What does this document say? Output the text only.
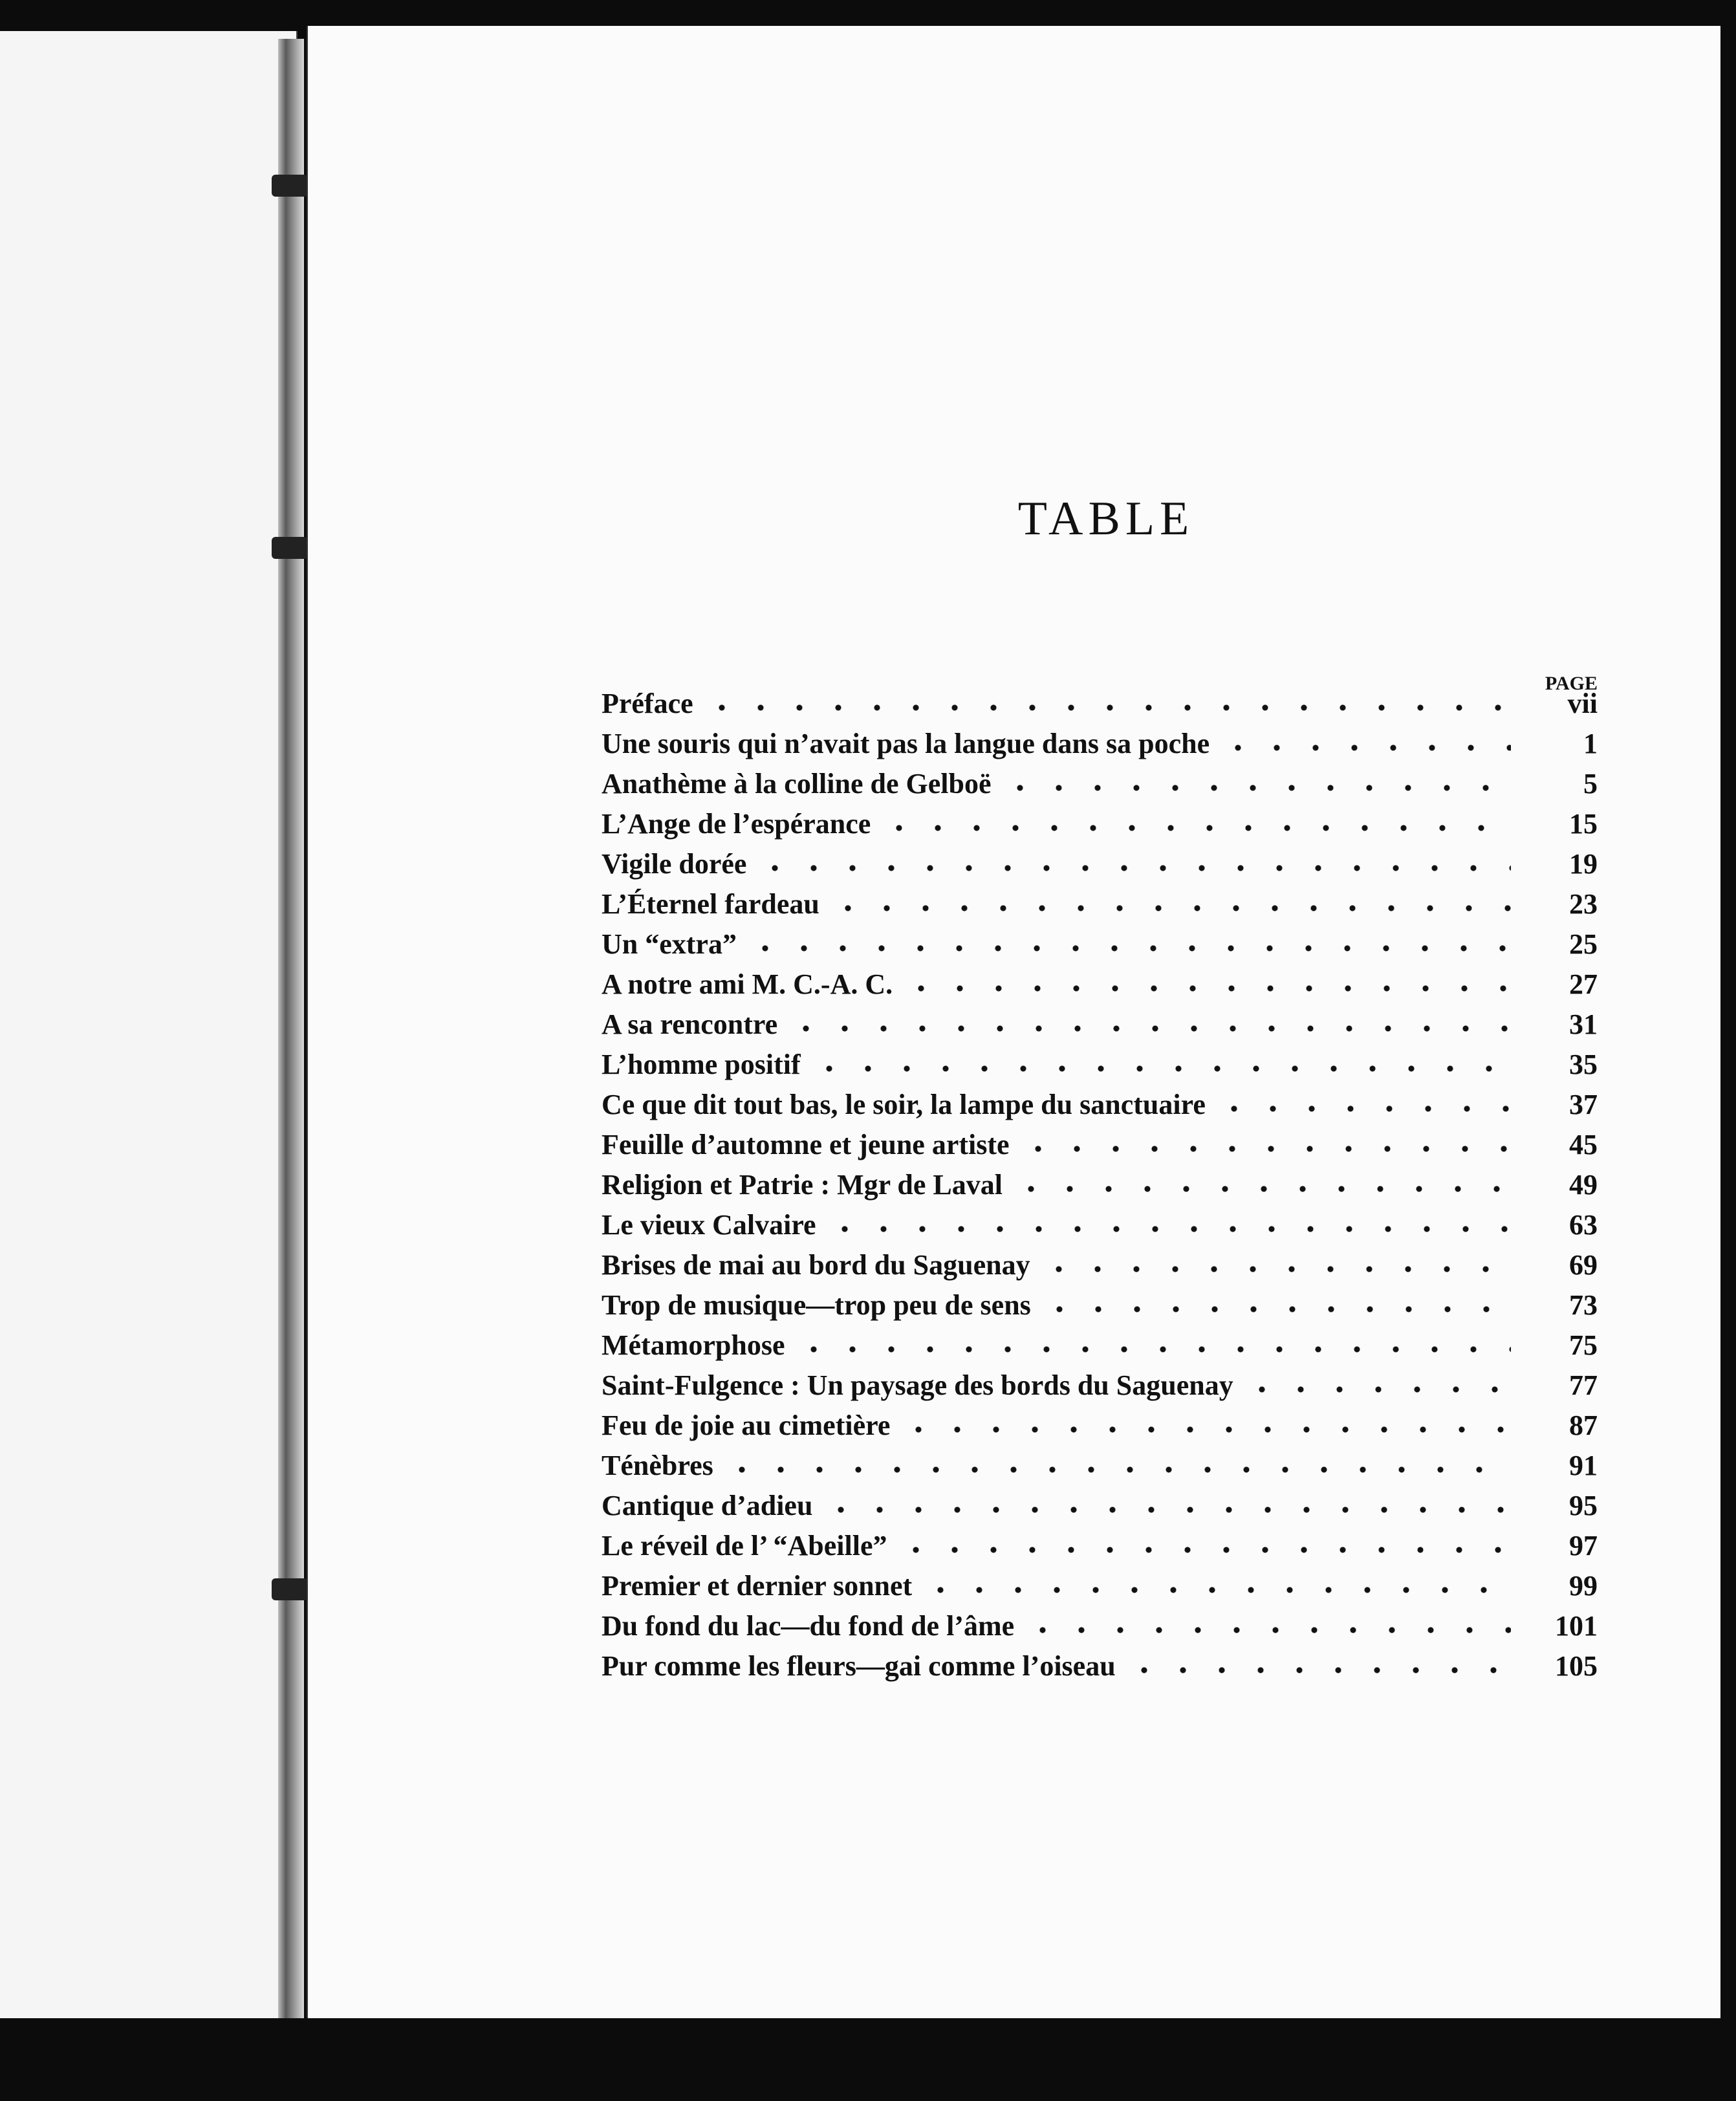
TABLE
PAGE
Préface	vii
Une souris qui n’avait pas la langue dans sa poche	1
Anathème à la colline de Gelboë	5
L’Ange de l’espérance	15
Vigile dorée	19
L’Éternel fardeau	23
Un “extra”	25
A notre ami M. C.-A. C.	27
A sa rencontre	31
L’homme positif	35
Ce que dit tout bas, le soir, la lampe du sanctuaire	37
Feuille d’automne et jeune artiste	45
Religion et Patrie : Mgr de Laval	49
Le vieux Calvaire	63
Brises de mai au bord du Saguenay	69
Trop de musique—trop peu de sens	73
Métamorphose	75
Saint-Fulgence : Un paysage des bords du Saguenay	77
Feu de joie au cimetière	87
Ténèbres	91
Cantique d’adieu	95
Le réveil de l’ “Abeille”	97
Premier et dernier sonnet	99
Du fond du lac—du fond de l’âme	101
Pur comme les fleurs—gai comme l’oiseau	105
